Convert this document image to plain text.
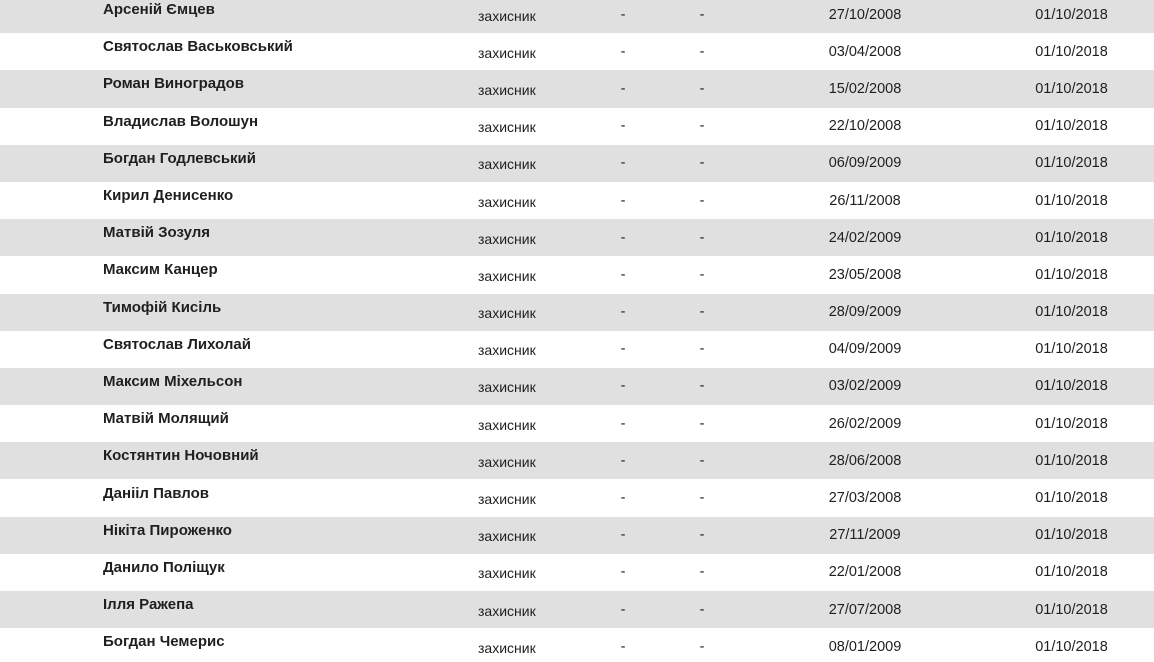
Арсеній Ємцев	захисник	-	-	27/10/2008	01/10/2018
Святослав Васьковський	захисник	-	-	03/04/2008	01/10/2018
Роман Виноградов	захисник	-	-	15/02/2008	01/10/2018
Владислав Волошун	захисник	-	-	22/10/2008	01/10/2018
Богдан Годлевський	захисник	-	-	06/09/2009	01/10/2018
Кирил Денисенко	захисник	-	-	26/11/2008	01/10/2018
Матвій Зозуля	захисник	-	-	24/02/2009	01/10/2018
Максим Канцер	захисник	-	-	23/05/2008	01/10/2018
Тимофій Кисіль	захисник	-	-	28/09/2009	01/10/2018
Святослав Лихолай	захисник	-	-	04/09/2009	01/10/2018
Максим Міхельсон	захисник	-	-	03/02/2009	01/10/2018
Матвій Молящий	захисник	-	-	26/02/2009	01/10/2018
Костянтин Ночовний	захисник	-	-	28/06/2008	01/10/2018
Данііл Павлов	захисник	-	-	27/03/2008	01/10/2018
Нікіта Пироженко	захисник	-	-	27/11/2009	01/10/2018
Данило Поліщук	захисник	-	-	22/01/2008	01/10/2018
Ілля Ражепа	захисник	-	-	27/07/2008	01/10/2018
Богдан Чемерис	захисник	-	-	08/01/2009	01/10/2018
